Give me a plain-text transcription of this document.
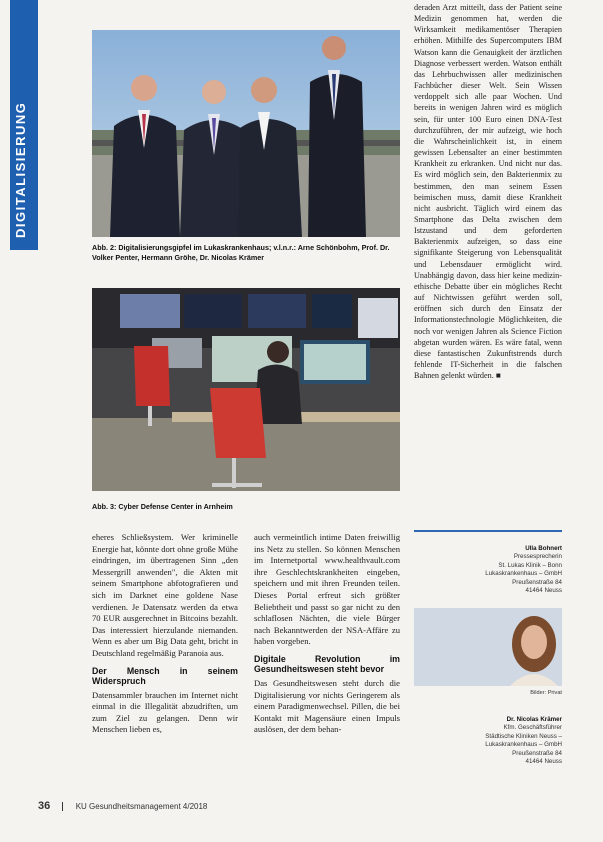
DIGITALISIERUNG
Abb. 2: Digitalisierungsgipfel im Lukaskrankenhaus; v.l.n.r.: Arne Schönbohm, Prof. Dr. Volker Penter, Hermann Gröhe, Dr. Nicolas Krämer
Abb. 3: Cyber Defense Center in Arnheim

deraden Arzt mitteilt, dass der Patient seine Medizin genommen hat, werden die Wirksamkeit medikamentöser Therapien erhöhen. Mithilfe des Supercomputers IBM Watson kann die Genauigkeit der ärztlichen Diagnose verbessert werden. Watson enthält das Lehrbuchwissen aller medizinischen Fachbücher dieser Welt. Sein Wissen verdoppelt sich alle paar Wochen. Und bereits in wenigen Jahren wird es möglich sein, für unter 100 Euro einen DNA-Test durchzuführen, der mir aufzeigt, wie hoch die Wahrscheinlichkeit ist, in einem gewissen Lebensalter an einer bestimmten Krankheit zu erkranken. Und nicht nur das. Es wird möglich sein, den Bakterienmix zu bestimmen, den man seinem Essen beimischen muss, damit diese Krankheit nicht ausbricht. Täglich wird einem das Smartphone das Delta zwischen dem Istzustand und dem geforderten Bakterienmix aufzeigen, so dass eine signifikante Steigerung von Lebensqualität und Lebensdauer ermöglicht wird. Unabhängig davon, dass hier keine medizin-ethische Debatte über ein mögliches Recht auf Nichtwissen geführt werden soll, eröffnen sich durch den Einsatz der Informationstechnologie Möglichkeiten, die noch vor wenigen Jahren als Science Fiction abgetan wurden wären. Es wäre fatal, wenn diese fantastischen Zukunftstrends durch fehlende IT-Sicherheit in die falschen Bahnen gelenkt würden. ■

eheres Schließsystem. Wer kriminelle Energie hat, könnte dort ohne große Mühe eindringen, im übertragenen Sinn „den Messergrill anwenden", die Akten mit seinem Smartphone abfotografieren und sich im Darknet eine goldene Nase verdienen. Je Datensatz werden da etwa 70 EUR ausgerechnet in Bitcoins bezahlt. Das interessiert hierzulande niemanden. Wenn es aber um Big Data geht, bricht in Deutschland regelmäßig Paranoia aus.

Der Mensch in seinem Widerspruch

Datensammler brauchen im Internet nicht einmal in die Illegalität abzudriften, um zum Ziel zu gelangen. Denn wir Menschen lieben es,

auch vermeintlich intime Daten freiwillig ins Netz zu stellen. So können Menschen im Internetportal www.healthvault.com ihre Geschlechtskrankheiten eingeben, speichern und mit ihren Freunden teilen. Dieses Portal erfreut sich größter Beliebtheit und passt so gar nicht zu den schlaflosen Nächten, die viele Bürger nach Bekanntwerden der NSA-Affäre zu haben vorgeben.

Digitale Revolution im Gesundheitswesen steht bevor

Das Gesundheitswesen steht durch die Digitalisierung vor nichts Geringerem als einem Paradigmenwechsel. Pillen, die bei Kontakt mit Magensäure einen Impuls auslösen, der dem behan-

Ulla Bohnert
Pressesprecherin
St. Lukas Klinik – Bonn
Lukaskrankenhaus – GmbH
Preußenstraße 84
41464 Neuss
Bilder: Privat
Dr. Nicolas Krämer
Kfm. Geschäftsführer
Städtische Kliniken Neuss –
Lukaskrankenhaus – GmbH
Preußenstraße 84
41464 Neuss
36	KU Gesundheitsmanagement 4/2018
